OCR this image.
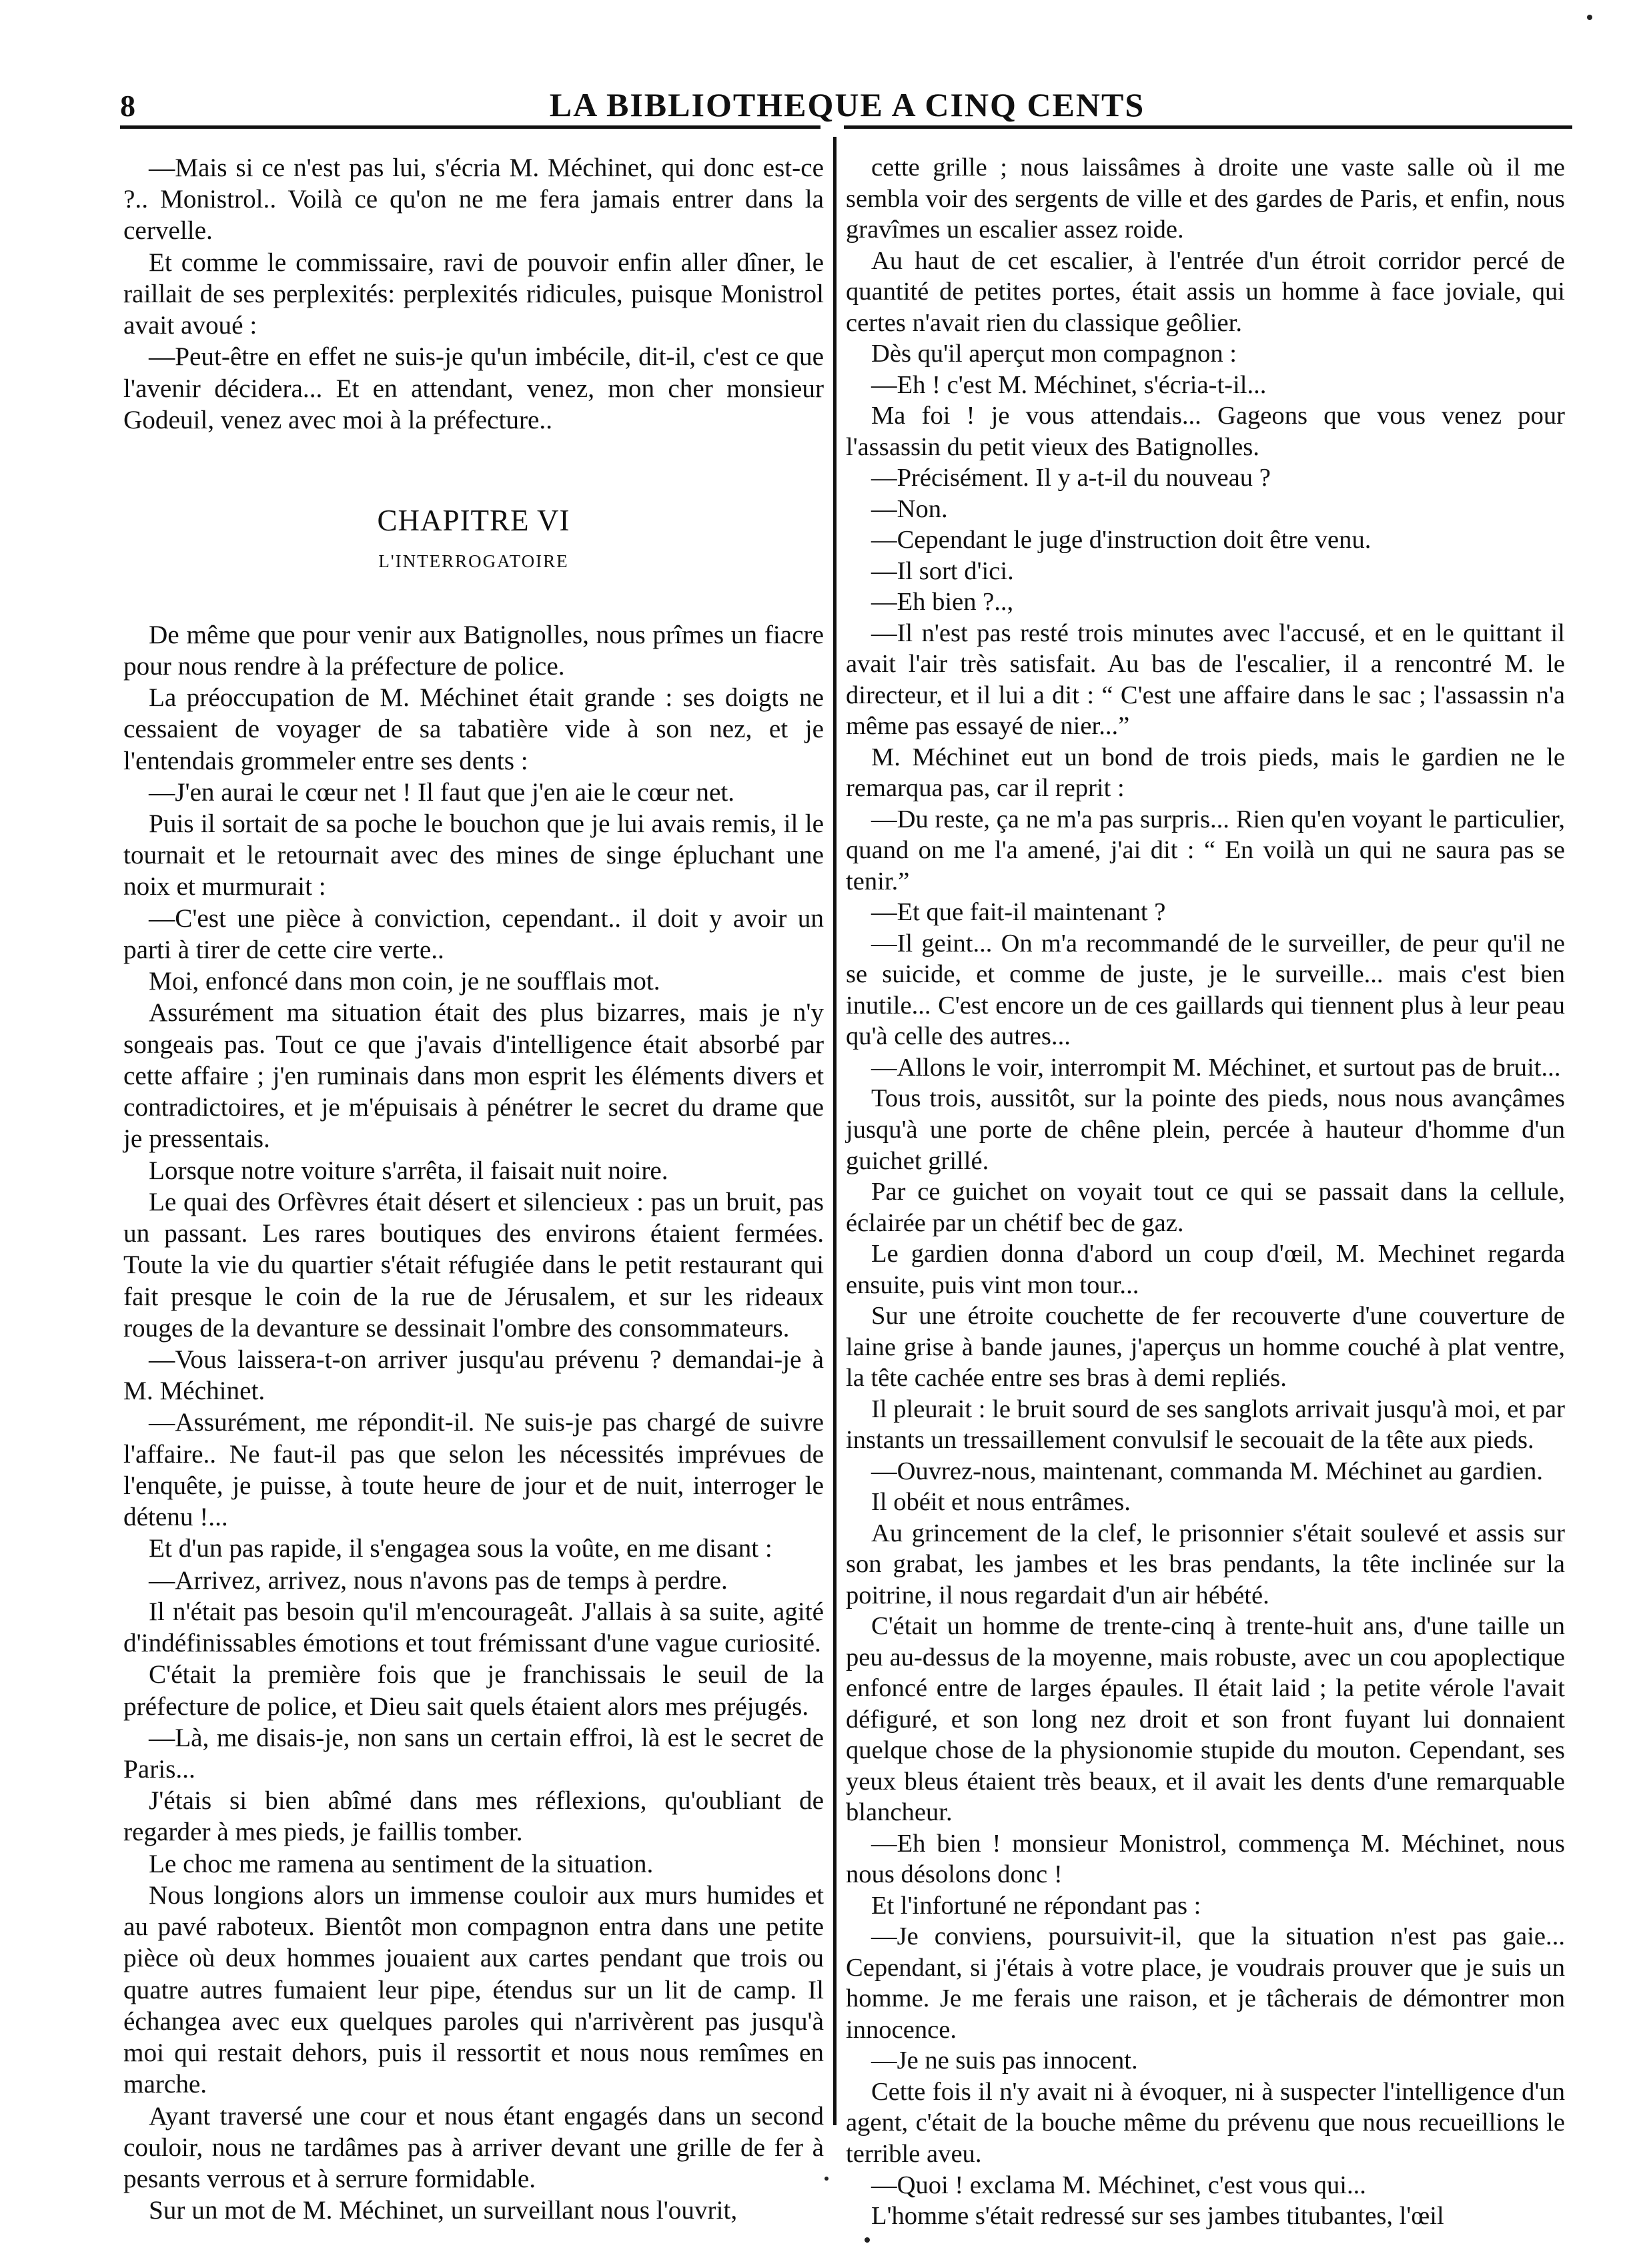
8	LA BIBLIOTHEQUE A CINQ CENTS

—Mais si ce n'est pas lui, s'écria M. Méchinet, qui donc est-ce ?.. Monistrol.. Voilà ce qu'on ne me fera jamais entrer dans la cervelle.

Et comme le commissaire, ravi de pouvoir enfin aller dîner, le raillait de ses perplexités: perplexités ridicules, puisque Monistrol avait avoué :

—Peut-être en effet ne suis-je qu'un imbécile, dit-il, c'est ce que l'avenir décidera... Et en attendant, venez, mon cher monsieur Godeuil, venez avec moi à la préfecture..

CHAPITRE VI
L'INTERROGATOIRE

De même que pour venir aux Batignolles, nous prîmes un fiacre pour nous rendre à la préfecture de police.

La préoccupation de M. Méchinet était grande : ses doigts ne cessaient de voyager de sa tabatière vide à son nez, et je l'entendais grommeler entre ses dents :

—J'en aurai le cœur net ! Il faut que j'en aie le cœur net.

Puis il sortait de sa poche le bouchon que je lui avais remis, il le tournait et le retournait avec des mines de singe épluchant une noix et murmurait :

—C'est une pièce à conviction, cependant.. il doit y avoir un parti à tirer de cette cire verte..

Moi, enfoncé dans mon coin, je ne soufflais mot.

Assurément ma situation était des plus bizarres, mais je n'y songeais pas. Tout ce que j'avais d'intelligence était absorbé par cette affaire ; j'en ruminais dans mon esprit les éléments divers et contradictoires, et je m'épuisais à pénétrer le secret du drame que je pressentais.

Lorsque notre voiture s'arrêta, il faisait nuit noire.

Le quai des Orfèvres était désert et silencieux : pas un bruit, pas un passant. Les rares boutiques des environs étaient fermées. Toute la vie du quartier s'était réfugiée dans le petit restaurant qui fait presque le coin de la rue de Jérusalem, et sur les rideaux rouges de la devanture se dessinait l'ombre des consommateurs.

—Vous laissera-t-on arriver jusqu'au prévenu ? demandai-je à M. Méchinet.

—Assurément, me répondit-il. Ne suis-je pas chargé de suivre l'affaire.. Ne faut-il pas que selon les nécessités imprévues de l'enquête, je puisse, à toute heure de jour et de nuit, interroger le détenu !...

Et d'un pas rapide, il s'engagea sous la voûte, en me disant :

—Arrivez, arrivez, nous n'avons pas de temps à perdre.

Il n'était pas besoin qu'il m'encourageât. J'allais à sa suite, agité d'indéfinissables émotions et tout frémissant d'une vague curiosité.

C'était la première fois que je franchissais le seuil de la préfecture de police, et Dieu sait quels étaient alors mes préjugés.

—Là, me disais-je, non sans un certain effroi, là est le secret de Paris...

J'étais si bien abîmé dans mes réflexions, qu'oubliant de regarder à mes pieds, je faillis tomber.

Le choc me ramena au sentiment de la situation.

Nous longions alors un immense couloir aux murs humides et au pavé raboteux. Bientôt mon compagnon entra dans une petite pièce où deux hommes jouaient aux cartes pendant que trois ou quatre autres fumaient leur pipe, étendus sur un lit de camp. Il échangea avec eux quelques paroles qui n'arrivèrent pas jusqu'à moi qui restait dehors, puis il ressortit et nous nous remîmes en marche.

Ayant traversé une cour et nous étant engagés dans un second couloir, nous ne tardâmes pas à arriver devant une grille de fer à pesants verrous et à serrure formidable.

Sur un mot de M. Méchinet, un surveillant nous l'ouvrit,

cette grille ; nous laissâmes à droite une vaste salle où il me sembla voir des sergents de ville et des gardes de Paris, et enfin, nous gravîmes un escalier assez roide.

Au haut de cet escalier, à l'entrée d'un étroit corridor percé de quantité de petites portes, était assis un homme à face joviale, qui certes n'avait rien du classique geôlier.

Dès qu'il aperçut mon compagnon :

—Eh ! c'est M. Méchinet, s'écria-t-il...

Ma foi ! je vous attendais... Gageons que vous venez pour l'assassin du petit vieux des Batignolles.

—Précisément. Il y a-t-il du nouveau ?

—Non.

—Cependant le juge d'instruction doit être venu.

—Il sort d'ici.

—Eh bien ?..,

—Il n'est pas resté trois minutes avec l'accusé, et en le quittant il avait l'air très satisfait. Au bas de l'escalier, il a rencontré M. le directeur, et il lui a dit : “ C'est une affaire dans le sac ; l'assassin n'a même pas essayé de nier...”

M. Méchinet eut un bond de trois pieds, mais le gardien ne le remarqua pas, car il reprit :

—Du reste, ça ne m'a pas surpris... Rien qu'en voyant le particulier, quand on me l'a amené, j'ai dit : “ En voilà un qui ne saura pas se tenir.”

—Et que fait-il maintenant ?

—Il geint... On m'a recommandé de le surveiller, de peur qu'il ne se suicide, et comme de juste, je le surveille... mais c'est bien inutile... C'est encore un de ces gaillards qui tiennent plus à leur peau qu'à celle des autres...

—Allons le voir, interrompit M. Méchinet, et surtout pas de bruit...

Tous trois, aussitôt, sur la pointe des pieds, nous nous avançâmes jusqu'à une porte de chêne plein, percée à hauteur d'homme d'un guichet grillé.

Par ce guichet on voyait tout ce qui se passait dans la cellule, éclairée par un chétif bec de gaz.

Le gardien donna d'abord un coup d'œil, M. Mechinet regarda ensuite, puis vint mon tour...

Sur une étroite couchette de fer recouverte d'une couverture de laine grise à bande jaunes, j'aperçus un homme couché à plat ventre, la tête cachée entre ses bras à demi repliés.

Il pleurait : le bruit sourd de ses sanglots arrivait jusqu'à moi, et par instants un tressaillement convulsif le secouait de la tête aux pieds.

—Ouvrez-nous, maintenant, commanda M. Méchinet au gardien.

Il obéit et nous entrâmes.

Au grincement de la clef, le prisonnier s'était soulevé et assis sur son grabat, les jambes et les bras pendants, la tête inclinée sur la poitrine, il nous regardait d'un air hébété.

C'était un homme de trente-cinq à trente-huit ans, d'une taille un peu au-dessus de la moyenne, mais robuste, avec un cou apoplectique enfoncé entre de larges épaules. Il était laid ; la petite vérole l'avait défiguré, et son long nez droit et son front fuyant lui donnaient quelque chose de la physionomie stupide du mouton. Cependant, ses yeux bleus étaient très beaux, et il avait les dents d'une remarquable blancheur.

—Eh bien ! monsieur Monistrol, commença M. Méchinet, nous nous désolons donc !

Et l'infortuné ne répondant pas :

—Je conviens, poursuivit-il, que la situation n'est pas gaie... Cependant, si j'étais à votre place, je voudrais prouver que je suis un homme. Je me ferais une raison, et je tâcherais de démontrer mon innocence.

—Je ne suis pas innocent.

Cette fois il n'y avait ni à évoquer, ni à suspecter l'intelligence d'un agent, c'était de la bouche même du prévenu que nous recueillions le terrible aveu.

—Quoi ! exclama M. Méchinet, c'est vous qui...

L'homme s'était redressé sur ses jambes titubantes, l'œil
